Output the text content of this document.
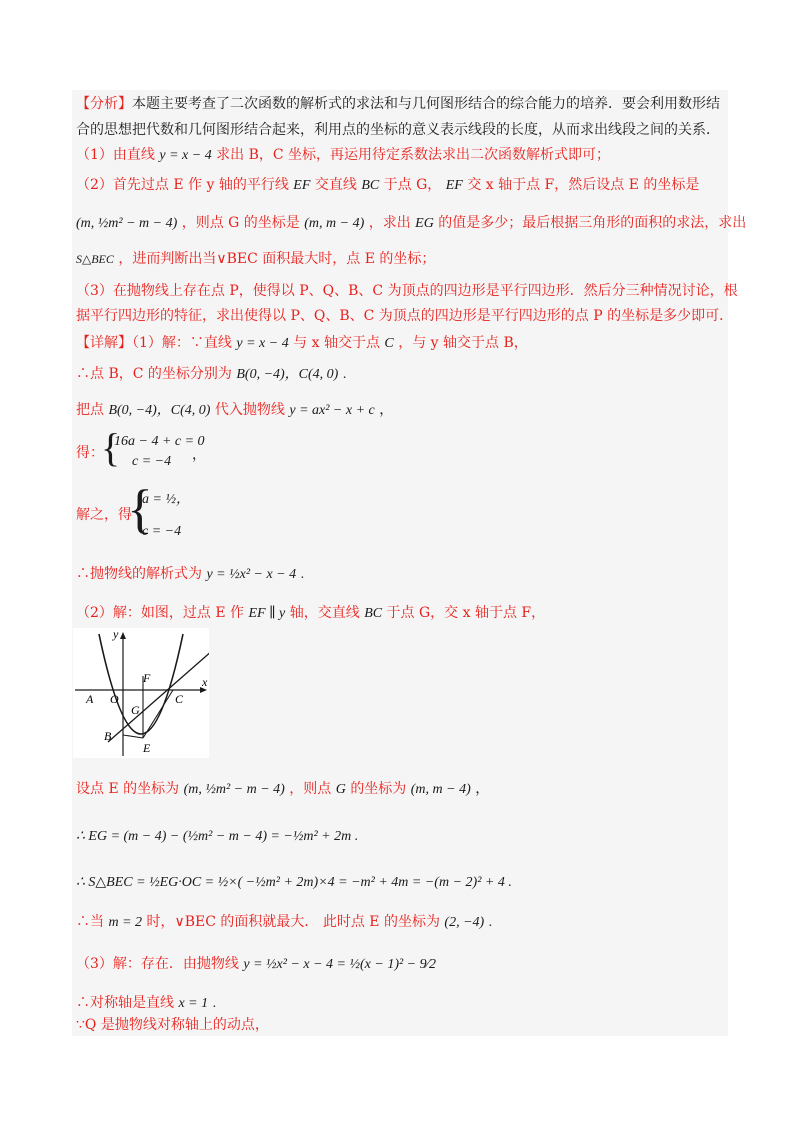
【分析】本题主要考查了二次函数的解析式的求法和与几何图形结合的综合能力的培养．要会利用数形结
合的思想把代数和几何图形结合起来，利用点的坐标的意义表示线段的长度，从而求出线段之间的关系．
（1）由直线 y = x − 4 求出 B，C 坐标，再运用待定系数法求出二次函数解析式即可；
（2）首先过点 E 作 y 轴的平行线 EF 交直线 BC 于点 G， EF 交 x 轴于点 F，然后设点 E 的坐标是
(m, ½m² − m − 4) ，则点 G 的坐标是 (m, m − 4) ，求出 EG 的值是多少；最后根据三角形的面积的求法，求出
S△BEC ，进而判断出当∨BEC 面积最大时，点 E 的坐标；
（3）在抛物线上存在点 P，使得以 P、Q、B、C 为顶点的四边形是平行四边形．然后分三种情况讨论，根
据平行四边形的特征，求出使得以 P、Q、B、C 为顶点的四边形是平行四边形的点 P 的坐标是多少即可．
【详解】（1）解：∵直线 y = x − 4 与 x 轴交于点 C ，与 y 轴交于点 B，
∴点 B，C 的坐标分别为 B(0, −4)，C(4, 0) .
把点 B(0, −4)，C(4, 0) 代入抛物线 y = ax² − x + c ，
得：
{
16a − 4 + c = 0
c = −4 ，
解之，得
{
a = ½，
c = −4
∴抛物线的解析式为 y = ½x² − x − 4 .
（2）解：如图，过点 E 作 EF ∥ y 轴，交直线 BC 于点 G，交 x 轴于点 F，
y
x
A O
F
C
G
B
E
设点 E 的坐标为 (m, ½m² − m − 4) ，则点 G 的坐标为 (m, m − 4) ，
∴ EG = (m − 4) − (½m² − m − 4) = −½m² + 2m .
∴ S△BEC = ½EG·OC = ½×( −½m² + 2m)×4 = −m² + 4m = −(m − 2)² + 4 .
∴当 m = 2 时，∨BEC 的面积就最大． 此时点 E 的坐标为 (2, −4) .
（3）解：存在．由抛物线 y = ½x² − x − 4 = ½(x − 1)² − 9⁄2
∴对称轴是直线 x = 1 .
∵Q 是抛物线对称轴上的动点，
